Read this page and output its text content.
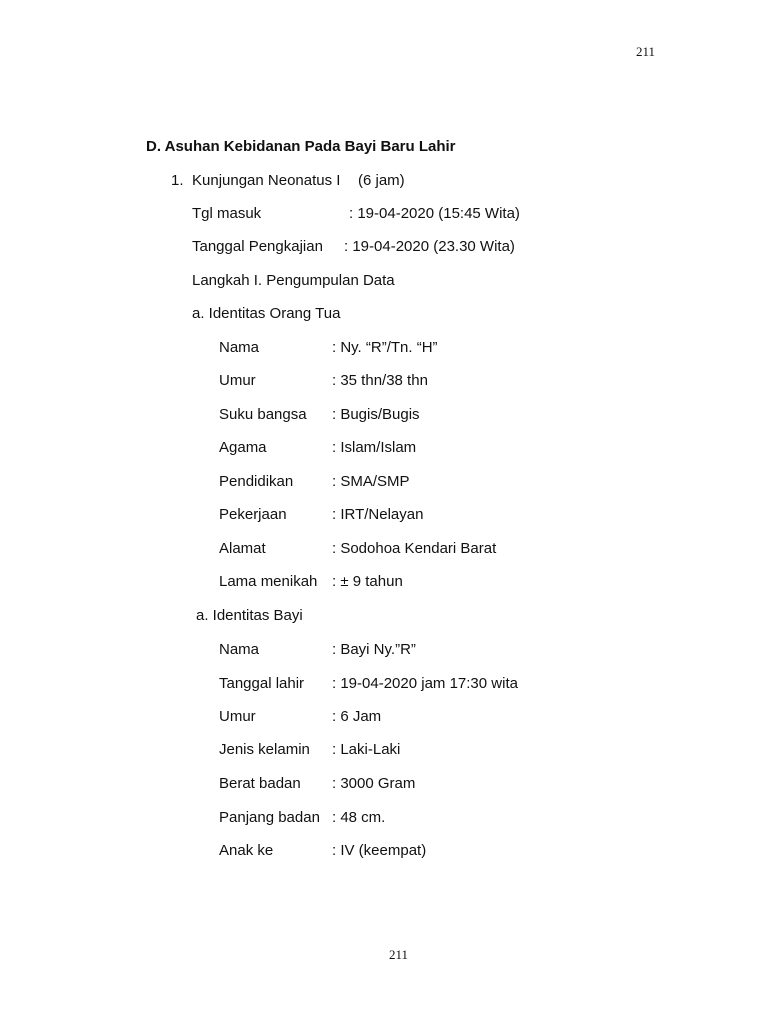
211
D. Asuhan Kebidanan Pada Bayi Baru Lahir
1. Kunjungan Neonatus I (6 jam)
Tgl masuk	: 19-04-2020 (15:45 Wita)
Tanggal Pengkajian : 19-04-2020 (23.30 Wita)
Langkah I. Pengumpulan Data
a. Identitas Orang Tua
Nama	: Ny. “R”/Tn. “H”
Umur	: 35 thn/38 thn
Suku bangsa : Bugis/Bugis
Agama	: Islam/Islam
Pendidikan	: SMA/SMP
Pekerjaan	: IRT/Nelayan
Alamat	: Sodohoa Kendari Barat
Lama menikah : ± 9 tahun
a. Identitas Bayi
Nama	: Bayi Ny.”R”
Tanggal lahir : 19-04-2020 jam 17:30 wita
Umur	: 6 Jam
Jenis kelamin : Laki-Laki
Berat badan : 3000 Gram
Panjang badan : 48 cm.
Anak ke	: IV (keempat)
211
